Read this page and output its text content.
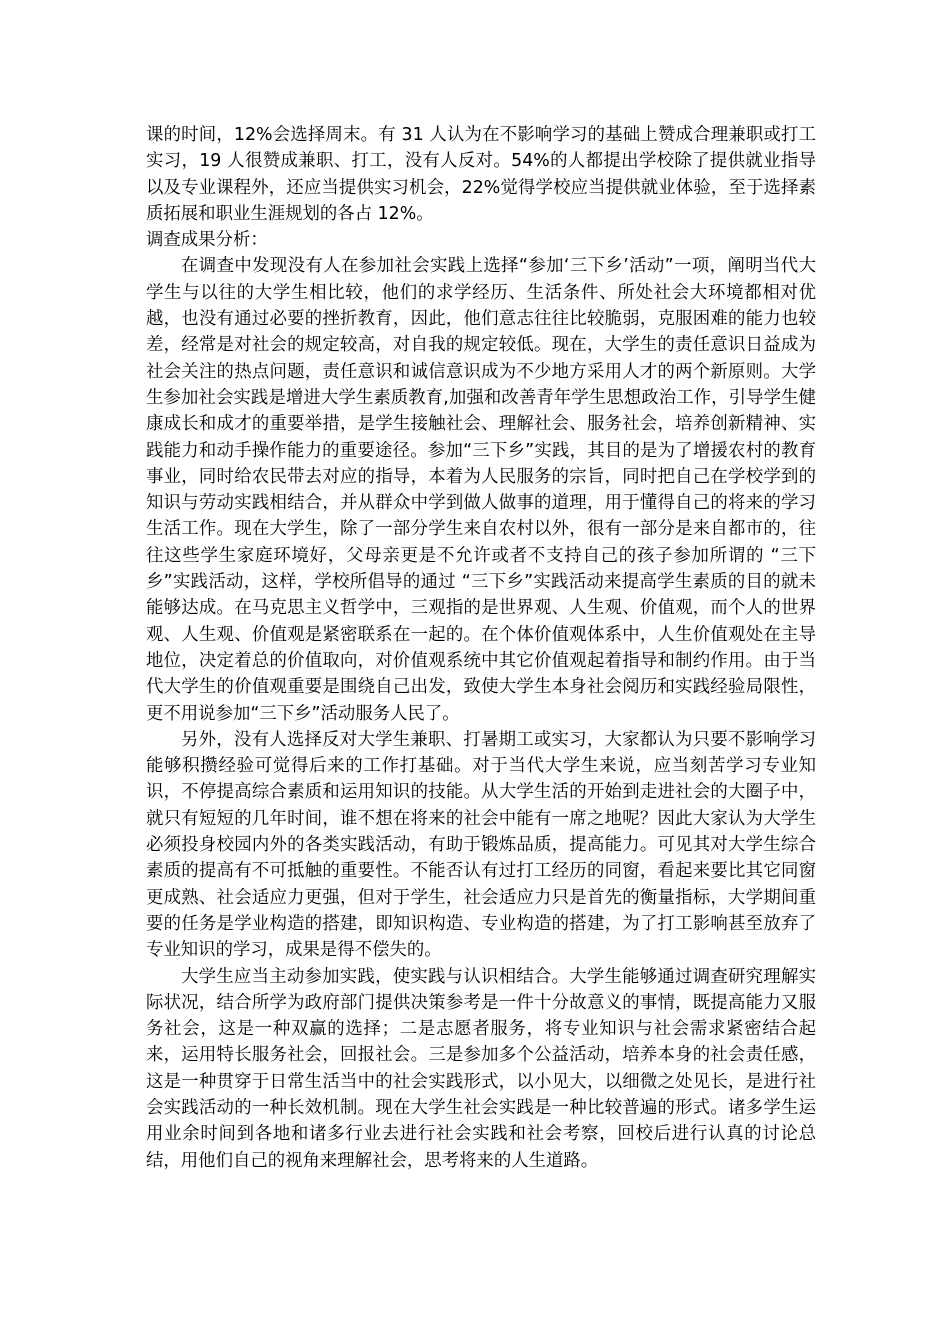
课的时间，12%会选择周末。有 31 人认为在不影响学习的基础上赞成合理兼职或打工实习，19 人很赞成兼职、打工，没有人反对。54%的人都提出学校除了提供就业指导以及专业课程外，还应当提供实习机会，22%觉得学校应当提供就业体验，至于选择素质拓展和职业生涯规划的各占 12%。

调查成果分析：

在调查中发现没有人在参加社会实践上选择“参加‘三下乡’活动”一项，阐明当代大学生与以往的大学生相比较，他们的求学经历、生活条件、所处社会大环境都相对优越，也没有通过必要的挫折教育，因此，他们意志往往比较脆弱，克服困难的能力也较差，经常是对社会的规定较高，对自我的规定较低。现在，大学生的责任意识日益成为社会关注的热点问题，责任意识和诚信意识成为不少地方采用人才的两个新原则。大学生参加社会实践是增进大学生素质教育,加强和改善青年学生思想政治工作，引导学生健康成长和成才的重要举措，是学生接触社会、理解社会、服务社会，培养创新精神、实践能力和动手操作能力的重要途径。参加“三下乡”实践，其目的是为了增援农村的教育事业，同时给农民带去对应的指导，本着为人民服务的宗旨，同时把自己在学校学到的知识与劳动实践相结合，并从群众中学到做人做事的道理，用于懂得自己的将来的学习生活工作。现在大学生，除了一部分学生来自农村以外，很有一部分是来自都市的，往往这些学生家庭环境好，父母亲更是不允许或者不支持自己的孩子参加所谓的 “三下乡”实践活动，这样，学校所倡导的通过 “三下乡”实践活动来提高学生素质的目的就未能够达成。在马克思主义哲学中，三观指的是世界观、人生观、价值观，而个人的世界观、人生观、价值观是紧密联系在一起的。在个体价值观体系中，人生价值观处在主导地位，决定着总的价值取向，对价值观系统中其它价值观起着指导和制约作用。由于当代大学生的价值观重要是围绕自己出发，致使大学生本身社会阅历和实践经验局限性，更不用说参加“三下乡”活动服务人民了。

另外，没有人选择反对大学生兼职、打暑期工或实习，大家都认为只要不影响学习能够积攒经验可觉得后来的工作打基础。对于当代大学生来说，应当刻苦学习专业知识，不停提高综合素质和运用知识的技能。从大学生活的开始到走进社会的大圈子中，就只有短短的几年时间，谁不想在将来的社会中能有一席之地呢？因此大家认为大学生必须投身校园内外的各类实践活动，有助于锻炼品质，提高能力。可见其对大学生综合素质的提高有不可抵触的重要性。不能否认有过打工经历的同窗，看起来要比其它同窗更成熟、社会适应力更强，但对于学生，社会适应力只是首先的衡量指标，大学期间重要的任务是学业构造的搭建，即知识构造、专业构造的搭建，为了打工影响甚至放弃了专业知识的学习，成果是得不偿失的。

大学生应当主动参加实践，使实践与认识相结合。大学生能够通过调查研究理解实际状况，结合所学为政府部门提供决策参考是一件十分故意义的事情，既提高能力又服务社会，这是一种双赢的选择；二是志愿者服务，将专业知识与社会需求紧密结合起来，运用特长服务社会，回报社会。三是参加多个公益活动，培养本身的社会责任感，这是一种贯穿于日常生活当中的社会实践形式，以小见大，以细微之处见长，是进行社会实践活动的一种长效机制。现在大学生社会实践是一种比较普遍的形式。诸多学生运用业余时间到各地和诸多行业去进行社会实践和社会考察，回校后进行认真的讨论总结，用他们自己的视角来理解社会，思考将来的人生道路。
